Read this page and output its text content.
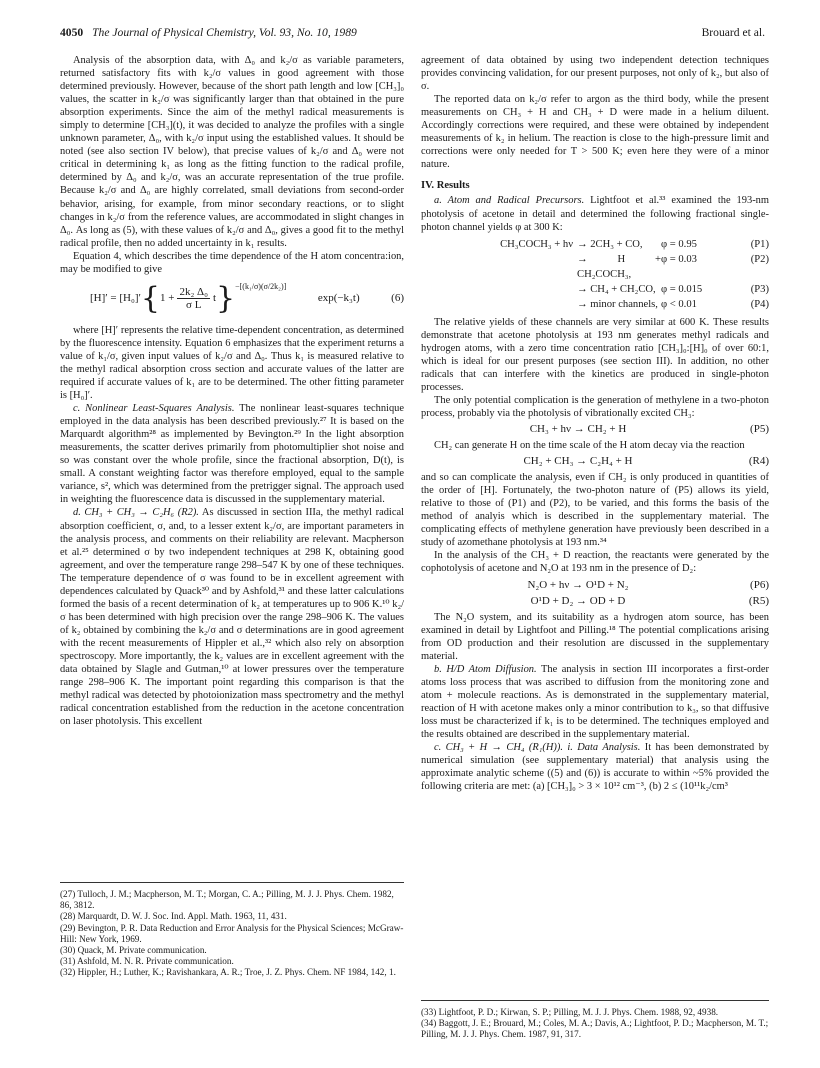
4050 The Journal of Physical Chemistry, Vol. 93, No. 10, 1989	Brouard et al.

Analysis of the absorption data, with Δ₀ and k₂/σ as variable parameters, returned satisfactory fits with k₂/σ values in good agreement with those determined previously. However, because of the short path length and low [CH₃]₀ values, the scatter in k₂/σ was significantly larger than that obtained in the pure absorption experiments. Since the aim of the methyl radical measurements is simply to determine [CH₃](t), it was decided to analyze the profiles with a single unknown parameter, Δ₀, with k₂/σ input using the established values. It should be noted (see also section IV below), that precise values of k₂/σ and Δ₀ were not critical in determining k₁ as long as the fitting function to the radical profile, determined by Δ₀ and k₂/σ, was an accurate representation of the true profile. Because k₂/σ and Δ₀ are highly correlated, small deviations from second-order behavior, arising, for example, from minor secondary reactions, or to slight changes in k₂/σ from the reference values, are accommodated in slight changes in Δ₀. As long as (5), with these values of k₂/σ and Δ₀, gives a good fit to the methyl radical profile, then no added uncertainty in k₁ results.

Equation 4, which describes the time dependence of the H atom concentra:ion, may be modified to give

[H]′ = [H₀]′ { $1 + \frac{\text{2k₂ Δ₀}}{\text{σ L}}$ t }$^{-[(k_1/\sigma)(\sigma/2k_2)]}$
exp(−k₃t)	(6)

where [H]′ represents the relative time-dependent concentration, as determined by the fluorescence intensity. Equation 6 emphasizes that the experiment returns a value of k₁/σ, given input values of k₂/σ and Δ₀. Thus k₁ is measured relative to the methyl radical absorption cross section and accurate values of the latter are required if accurate values of k₁ are to be determined. The other fitting parameter is [H₀]′.

c. Nonlinear Least-Squares Analysis. The nonlinear least-squares technique employed in the data analysis has been described previously.²⁷ It is based on the Marquardt algorithm²⁸ as implemented by Bevington.²⁹ In the light absorption measurements, the scatter derives primarily from photomultiplier shot noise and so was constant over the whole profile, since the fractional absorption, D(t), is small. A constant weighting factor was therefore employed, equal to the sample variance, s², which was determined from the pretrigger signal. The approach used in weighting the fluorescence data is discussed in the supplementary material.

d. CH₃ + CH₃ → C₂H₆ (R2). As discussed in section IIIa, the methyl radical absorption coefficient, σ, and, to a lesser extent k₂/σ, are important parameters in the analysis process, and comments on their reliability are relevant. Macpherson et al.²⁵ determined σ by two independent techniques at 298 K, obtaining good agreement, and over the temperature range 298–547 K by one of these techniques. The temperature dependence of σ was found to be in excellent agreement with dependences calculated by Quack³⁰ and by Ashfold,³¹ and these latter calculations formed the basis of a recent determination of k₂ at temperatures up to 906 K.¹⁰ k₂/σ has been determined with high precision over the range 298–906 K. The values of k₂ obtained by combining the k₂/σ and σ determinations are in good agreement with the recent measurements of Hippler et al.,³² which also rely on absorption spectroscopy. More importantly, the k₂ values are in excellent agreement with the data obtained by Slagle and Gutman,¹⁰ at lower pressures over the temperature range 298–906 K. The important point regarding this comparison is that the methyl radical was detected by photoionization mass spectrometry and the methyl radical concentration established from the reduction in the acetone concentration on laser photolysis. This excellent

(27) Tulloch, J. M.; Macpherson, M. T.; Morgan, C. A.; Pilling, M. J. J. Phys. Chem. 1982, 86, 3812.
(28) Marquardt, D. W. J. Soc. Ind. Appl. Math. 1963, 11, 431.
(29) Bevington, P. R. Data Reduction and Error Analysis for the Physical Sciences; McGraw-Hill: New York, 1969.
(30) Quack, M. Private communication.
(31) Ashfold, M. N. R. Private communication.
(32) Hippler, H.; Luther, K.; Ravishankara, A. R.; Troe, J. Z. Phys. Chem. NF 1984, 142, 1.

agreement of data obtained by using two independent detection techniques provides convincing validation, for our present purposes, not only of k₂, but also of σ.

The reported data on k₂/σ refer to argon as the third body, while the present measurements on CH₃ + H and CH₃ + D were made in a helium diluent. Accordingly corrections were required, and these were obtained by independent measurements of k₂ in helium. The reaction is close to the high-pressure limit and corrections were only needed for T > 500 K; even here they were of a minor nature.

IV. Results

a. Atom and Radical Precursors. Lightfoot et al.³³ examined the 193-nm photolysis of acetone in detail and determined the following fractional single-photon channel yields φ at 300 K:

CH₃COCH₃ + hν → 2CH₃ + CO,	φ = 0.95	(P1)
→ H + CH₂COCH₃,
φ = 0.03	(P2)
→ CH₄ + CH₂CO, φ = 0.015	(P3)
→ minor channels, φ < 0.01	(P4)

The relative yields of these channels are very similar at 600 K. These results demonstrate that acetone photolysis at 193 nm generates methyl radicals and hydrogen atoms, with a zero time concentration ratio [CH₃]₀:[H]₀ of over 60:1, which is ideal for our present purposes (see section III). In addition, no other radicals that can interfere with the kinetics are produced in single-photon processes.

The only potential complication is the generation of methylene in a two-photon process, probably via the photolysis of vibrationally excited CH₃:

CH₃ + hν → CH₂ + H	(P5)

CH₂ can generate H on the time scale of the H atom decay via the reaction

CH₂ + CH₃ → C₂H₄ + H	(R4)

and so can complicate the analysis, even if CH₂ is only produced in quantities of the order of [H]. Fortunately, the two-photon nature of (P5) allows its yield, relative to those of (P1) and (P2), to be varied, and this forms the basis of the method of analyis which is described in the supplementary material. The complicating effects of methylene generation have previously been described in a study of azomethane photolysis at 193 nm.³⁴

In the analysis of the CH₃ + D reaction, the reactants were generated by the cophotolysis of acetone and N₂O at 193 nm in the presence of D₂:

N₂O + hν → O¹D + N₂	(P6)
O¹D + D₂ → OD + D	(R5)

The N₂O system, and its suitability as a hydrogen atom source, has been examined in detail by Lightfoot and Pilling.¹⁸ The potential complications arising from OD production and their resolution are discussed in the supplementary material.

b. H/D Atom Diffusion. The analysis in section III incorporates a first-order atoms loss process that was ascribed to diffusion from the monitoring zone and atom + molecule reactions. As is demonstrated in the supplementary material, reaction of H with acetone makes only a minor contribution to k₃, so that diffusive loss must be characterized if k₁ is to be determined. The techniques employed and the results obtained are described in the supplementary material.

c. CH₃ + H → CH₄ (R₁(H)). i. Data Analysis. It has been demonstrated by numerical simulation (see supplementary material) that analysis using the approximate analytic scheme ((5) and (6)) is accurate to within ~5% provided the following criteria are met: (a) [CH₃]₀ > 3 × 10¹² cm⁻³, (b) 2 ≤ (10¹¹k₂/cm³

(33) Lightfoot, P. D.; Kirwan, S. P.; Pilling, M. J. J. Phys. Chem. 1988, 92, 4938.
(34) Baggott, J. E.; Brouard, M.; Coles, M. A.; Davis, A.; Lightfoot, P. D.; Macpherson, M. T.; Pilling, M. J. J. Phys. Chem. 1987, 91, 317.
